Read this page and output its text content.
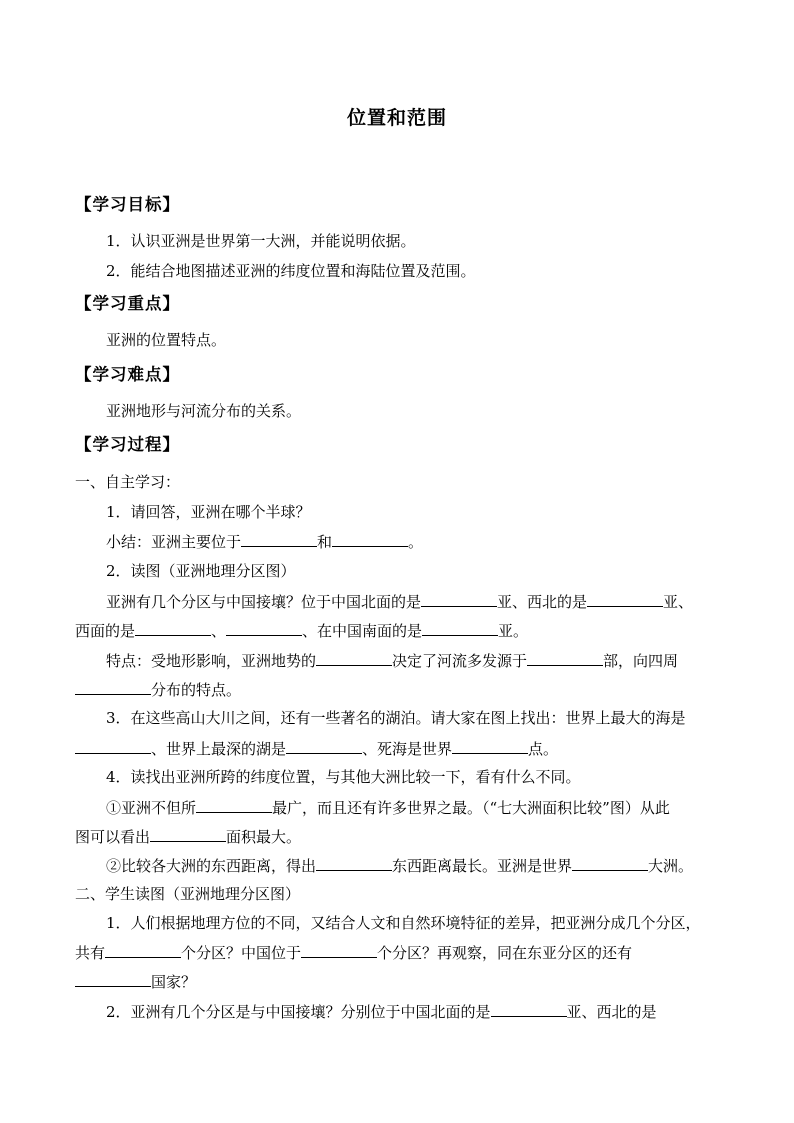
位置和范围
【学习目标】
1．认识亚洲是世界第一大洲，并能说明依据。
2．能结合地图描述亚洲的纬度位置和海陆位置及范围。
【学习重点】
亚洲的位置特点。
【学习难点】
亚洲地形与河流分布的关系。
【学习过程】
一、自主学习：
1．请回答，亚洲在哪个半球？
小结：亚洲主要位于	和	。
2．读图（亚洲地理分区图）
亚洲有几个分区与中国接壤？位于中国北面的是	亚、西北的是	亚、
西面的是	、	、在中国南面的是	亚。
特点：受地形影响，亚洲地势的	决定了河流多发源于	部，向四周
分布的特点。
3．在这些高山大川之间，还有一些著名的湖泊。请大家在图上找出：世界上最大的海是
、世界上最深的湖是	、死海是世界	点。
4．读找出亚洲所跨的纬度位置，与其他大洲比较一下，看有什么不同。
①亚洲不但所	最广，而且还有许多世界之最。（“七大洲面积比较”图）从此
图可以看出	面积最大。
②比较各大洲的东西距离，得出	东西距离最长。亚洲是世界	大洲。
二、学生读图（亚洲地理分区图）
1．人们根据地理方位的不同，又结合人文和自然环境特征的差异，把亚洲分成几个分区，
共有	个分区？中国位于	个分区？再观察，同在东亚分区的还有
国家？
2．亚洲有几个分区是与中国接壤？分别位于中国北面的是	亚、西北的是
